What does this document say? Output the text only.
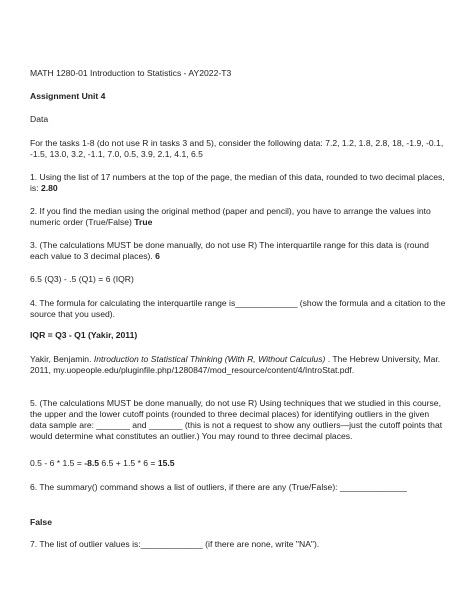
MATH 1280-01 Introduction to Statistics - AY2022-T3

Assignment Unit 4

Data

For the tasks 1-8 (do not use R in tasks 3 and 5), consider the following data: 7.2, 1.2, 1.8, 2.8, 18, -1.9, -0.1, -1.5, 13.0, 3.2, -1.1, 7.0, 0.5, 3.9, 2.1, 4.1, 6.5

1. Using the list of 17 numbers at the top of the page, the median of this data, rounded to two decimal places, is: 2.80

2. If you find the median using the original method (paper and pencil), you have to arrange the values into numeric order (True/False) True

3. (The calculations MUST be done manually, do not use R) The interquartile range for this data is (round each value to 3 decimal places). 6

6.5 (Q3) - .5 (Q1) = 6 (IQR)

4. The formula for calculating the interquartile range is_____________ (show the formula and a citation to the source that you used).

IQR = Q3 - Q1 (Yakir, 2011)

Yakir, Benjamin. Introduction to Statistical Thinking (With R, Without Calculus) . The Hebrew University, Mar. 2011, my.uopeople.edu/pluginfile.php/1280847/mod_resource/content/4/IntroStat.pdf.

5. (The calculations MUST be done manually, do not use R) Using techniques that we studied in this course, the upper and the lower cutoff points (rounded to three decimal places) for identifying outliers in the given data sample are: _______ and _______ (this is not a request to show any outliers—just the cutoff points that would determine what constitutes an outlier.) You may round to three decimal places.

0.5 - 6 * 1.5 = -8.5 6.5 + 1.5 * 6 = 15.5

6. The summary() command shows a list of outliers, if there are any (True/False): ______________

False

7. The list of outlier values is:_____________ (if there are none, write "NA").
